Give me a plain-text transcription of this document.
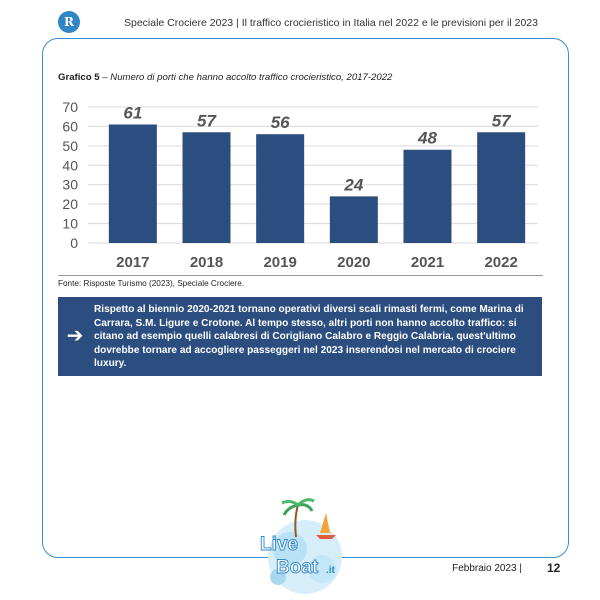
R	Speciale Crociere 2023 | Il traffico crocieristico in Italia nel 2022 e le previsioni per il 2023
Grafico 5 – Numero di porti che hanno accolto traffico crocieristico, 2017-2022
0
10
20
30
40
50
60
70	61
2017
57
2018
56
2019
24
2020
48
2021
57
2022
Fonte: Risposte Turismo (2023), Speciale Crociere.
➔
Rispetto al biennio 2020-2021 tornano operativi diversi scali rimasti fermi, come Marina di Carrara, S.M. Ligure e Crotone. Al tempo stesso, altri porti non hanno accolto traffico: si citano ad esempio quelli calabresi di Corigliano Calabro e Reggio Calabria, quest'ultimo dovrebbe tornare ad accogliere passeggeri nel 2023 inserendosi nel mercato di crociere luxury.
Live
Boat .it	Febbraio 2023 | 12
